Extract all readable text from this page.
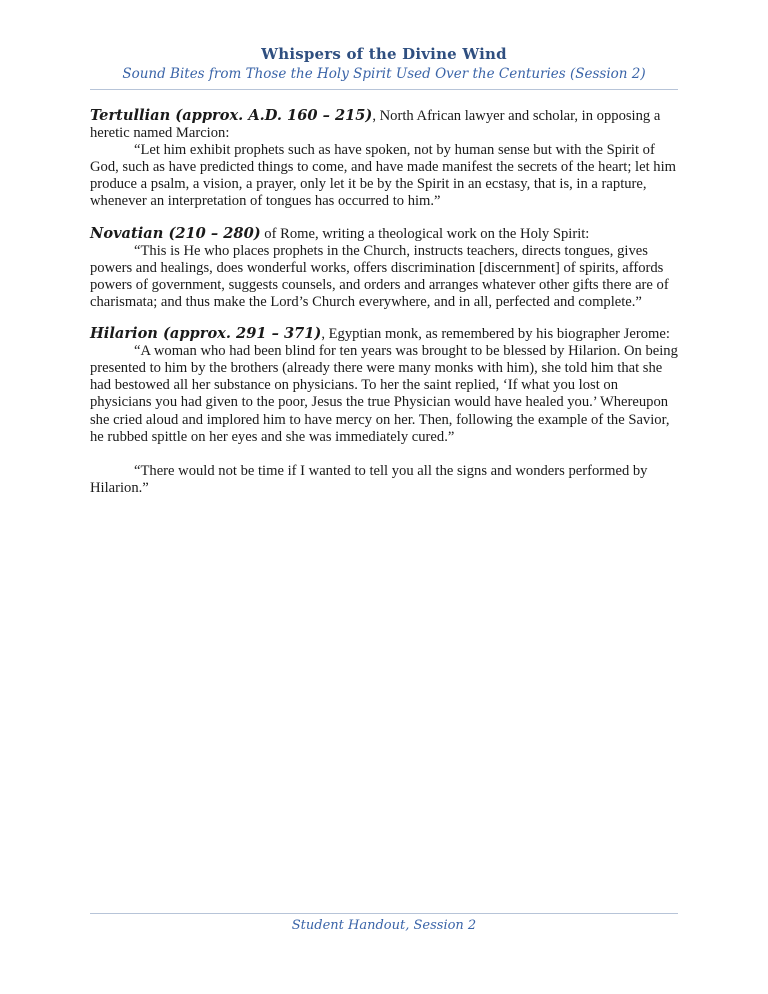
Whispers of the Divine Wind
Sound Bites from Those the Holy Spirit Used Over the Centuries (Session 2)

Tertullian (approx. A.D. 160 – 215), North African lawyer and scholar, in opposing a heretic named Marcion:

“Let him exhibit prophets such as have spoken, not by human sense but with the Spirit of God, such as have predicted things to come, and have made manifest the secrets of the heart; let him produce a psalm, a vision, a prayer, only let it be by the Spirit in an ecstasy, that is, in a rapture, whenever an interpretation of tongues has occurred to him.”

Novatian (210 – 280) of Rome, writing a theological work on the Holy Spirit:

“This is He who places prophets in the Church, instructs teachers, directs tongues, gives powers and healings, does wonderful works, offers discrimination [discernment] of spirits, affords powers of government, suggests counsels, and orders and arranges whatever other gifts there are of charismata; and thus make the Lord’s Church everywhere, and in all, perfected and complete.”

Hilarion (approx. 291 – 371), Egyptian monk, as remembered by his biographer Jerome:

“A woman who had been blind for ten years was brought to be blessed by Hilarion. On being presented to him by the brothers (already there were many monks with him), she told him that she had bestowed all her substance on physicians. To her the saint replied, ‘If what you lost on physicians you had given to the poor, Jesus the true Physician would have healed you.’ Whereupon she cried aloud and implored him to have mercy on her. Then, following the example of the Savior, he rubbed spittle on her eyes and she was immediately cured.”

“There would not be time if I wanted to tell you all the signs and wonders performed by Hilarion.”

Student Handout, Session 2
